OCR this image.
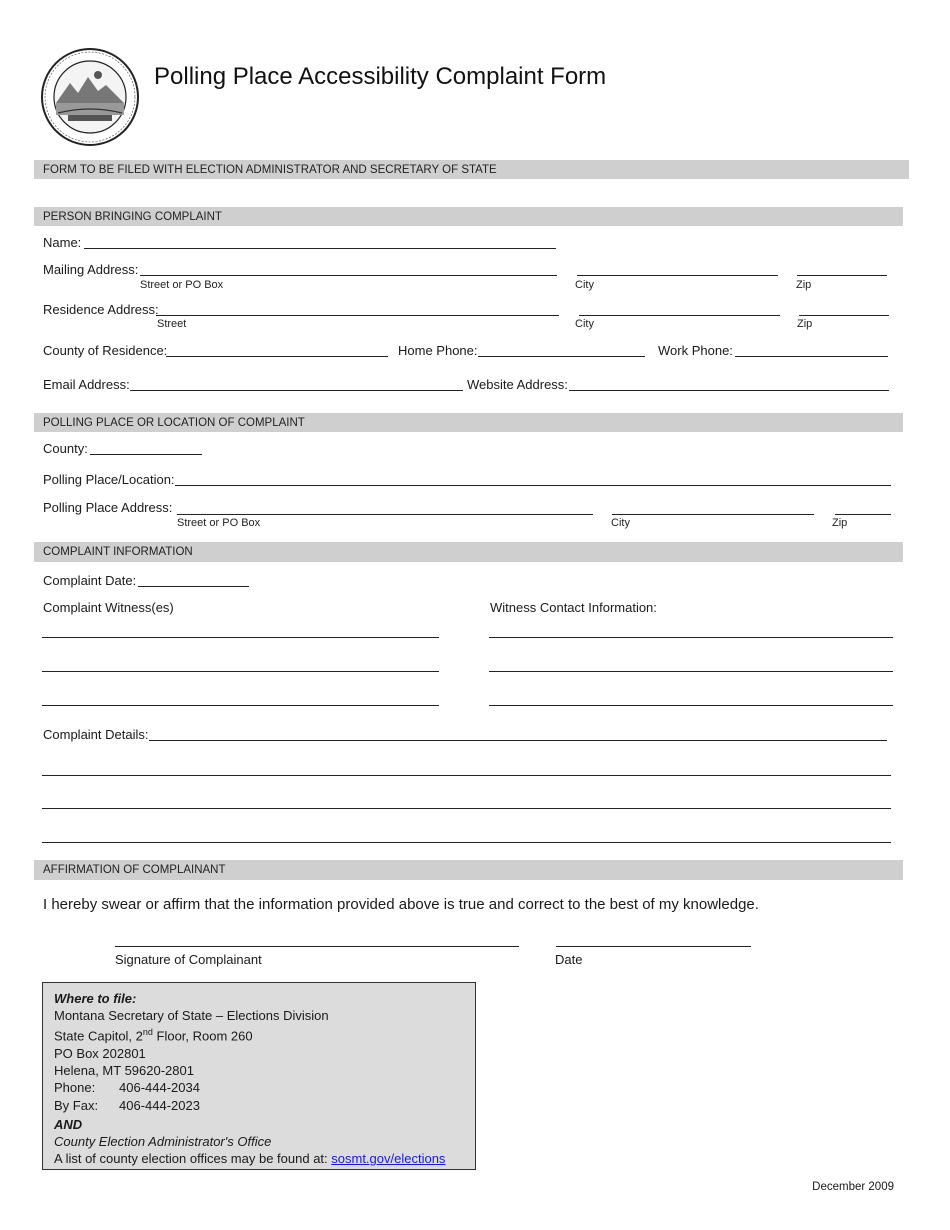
Polling Place Accessibility Complaint Form
FORM TO BE FILED WITH ELECTION ADMINISTRATOR AND SECRETARY OF STATE
PERSON BRINGING COMPLAINT
POLLING PLACE OR LOCATION OF COMPLAINT
COMPLAINT INFORMATION
AFFIRMATION OF COMPLAINANT
Name:
Mailing Address:
Street or PO Box	City	Zip
Residence Address:
Street	City	Zip
County of Residence:	Home Phone:	Work Phone:
Email Address:	Website Address:
County:
Polling Place/Location:
Polling Place Address:
Street or PO Box	City	Zip
Complaint Date:
Complaint Witness(es)	Witness Contact Information:
Complaint Details:
I hereby swear or affirm that the information provided above is true and correct to the best of my knowledge.
Signature of Complainant	Date
Where to file:
Montana Secretary of State – Elections Division
State Capitol, 2nd Floor, Room 260
PO Box 202801
Helena, MT 59620-2801
Phone: 406-444-2034
By Fax: 406-444-2023
AND
County Election Administrator's Office
A list of county election offices may be found at: sosmt.gov/elections
December 2009
